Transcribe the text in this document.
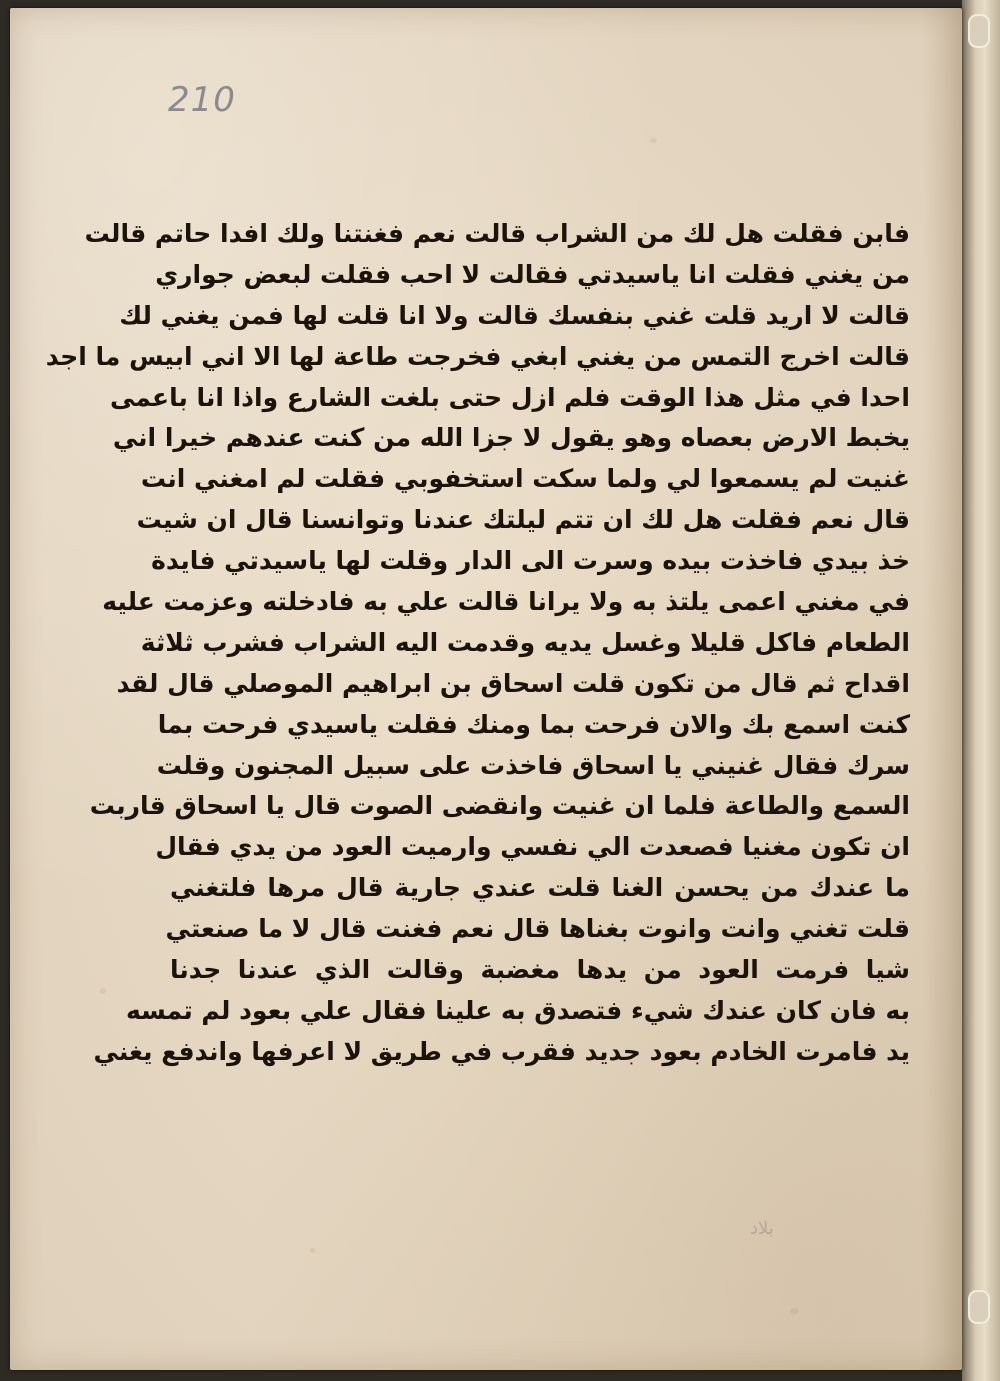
210
فابن فقلت هل لك من الشراب قالت نعم فغنتنا ولك افدا حاتم قالت
من يغني فقلت انا ياسيدتي فقالت لا احب فقلت لبعض جواري
قالت لا اريد قلت غني بنفسك قالت ولا انا قلت لها فمن يغني لك
قالت اخرج التمس من يغني ابغي فخرجت طاعة لها الا اني ابيس ما اجد
احدا في مثل هذا الوقت فلم ازل حتى بلغت الشارع واذا انا باعمى
يخبط الارض بعصاه وهو يقول لا جزا الله من كنت عندهم خيرا اني
غنيت لم يسمعوا لي ولما سكت استخفوبي فقلت لم امغني انت
قال نعم فقلت هل لك ان تتم ليلتك عندنا وتوانسنا قال ان شيت
خذ بيدي فاخذت بيده وسرت الى الدار وقلت لها ياسيدتي فايدة
في مغني اعمى يلتذ به ولا يرانا قالت علي به فادخلته وعزمت عليه
الطعام فاكل قليلا وغسل يديه وقدمت اليه الشراب فشرب ثلاثة
اقداح ثم قال من تكون قلت اسحاق بن ابراهيم الموصلي قال لقد
كنت اسمع بك والان فرحت بما ومنك فقلت ياسيدي فرحت بما
سرك فقال غنيني يا اسحاق فاخذت على سبيل المجنون وقلت
السمع والطاعة فلما ان غنيت وانقضى الصوت قال يا اسحاق قاربت
ان تكون مغنيا فصعدت الي نفسي وارميت العود من يدي فقال
ما عندك من يحسن الغنا قلت عندي جارية قال مرها فلتغني
قلت تغني وانت وانوت بغناها قال نعم فغنت قال لا ما صنعتي
شيا فرمت العود من يدها مغضبة وقالت الذي عندنا جدنا
به فان كان عندك شيء فتصدق به علينا فقال علي بعود لم تمسه
يد فامرت الخادم بعود جديد فقرب في طريق لا اعرفها واندفع يغني
بلاد
